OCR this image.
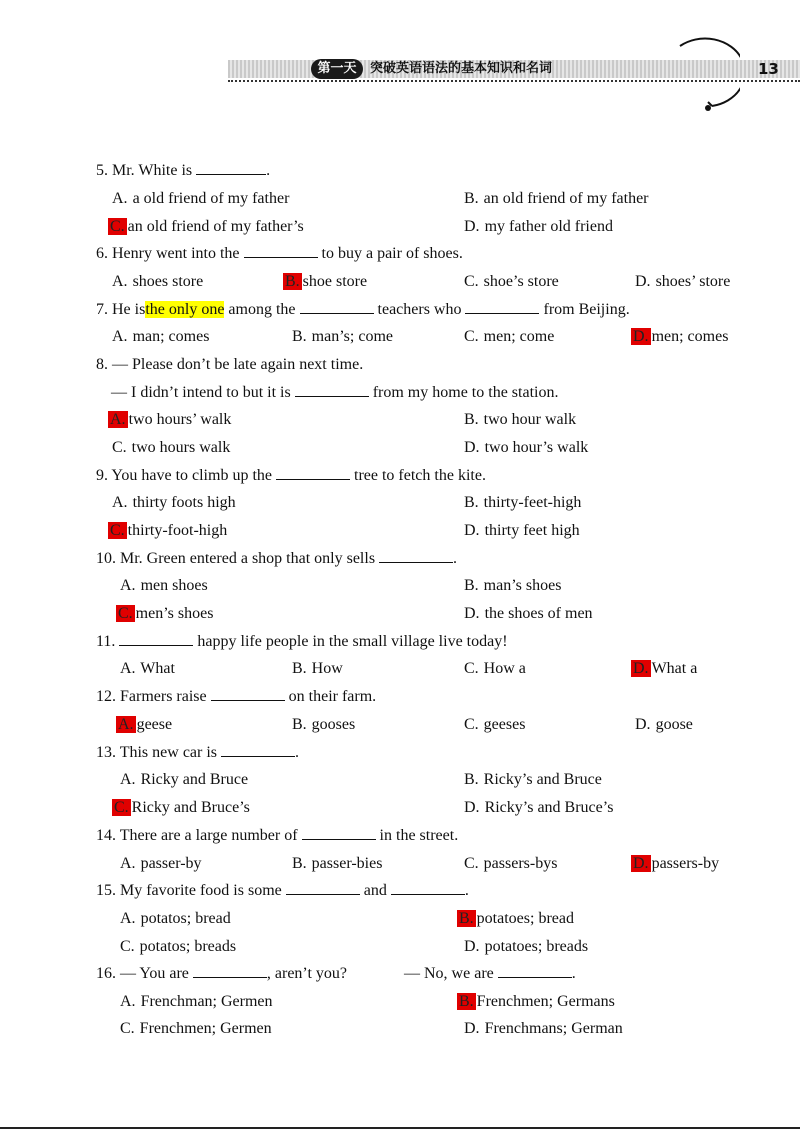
第一天	突破英语语法的基本知识和名词	13
5. Mr. White is	.
A. a old friend of my father	B. an old friend of my father
C. an old friend of my father’s	D. my father old friend
6. Henry went into the	to buy a pair of shoes.
A. shoes store	B. shoe store	C. shoe’s store	D. shoes’ store
7. He isthe only one among the	teachers who	from Beijing.
A. man; comes	B. man’s; come	C. men; come	D. men; comes
8. — Please don’t be late again next time.
— I didn’t intend to but it is	from my home to the station.
A. two hours’ walk	B. two hour walk
C. two hours walk	D. two hour’s walk
9. You have to climb up the	tree to fetch the kite.
A. thirty foots high	B. thirty-feet-high
C. thirty-foot-high	D. thirty feet high
10. Mr. Green entered a shop that only sells	.
A. men shoes	B. man’s shoes
C. men’s shoes	D. the shoes of men
11.	happy life people in the small village live today!
A. What	B. How	C. How a	D. What a
12. Farmers raise	on their farm.
A. geese	B. gooses	C. geeses	D. goose
13. This new car is	.
A. Ricky and Bruce	B. Ricky’s and Bruce
C. Ricky and Bruce’s	D. Ricky’s and Bruce’s
14. There are a large number of	in the street.
A. passer-by	B. passer-bies	C. passers-bys	D. passers-by
15. My favorite food is some	and	.
A. potatos; bread	B. potatoes; bread
C. potatos; breads	D. potatoes; breads
16. — You are	, aren’t you?	— No, we are	.
A. Frenchman; Germen	B. Frenchmen; Germans
C. Frenchmen; Germen	D. Frenchmans; German
